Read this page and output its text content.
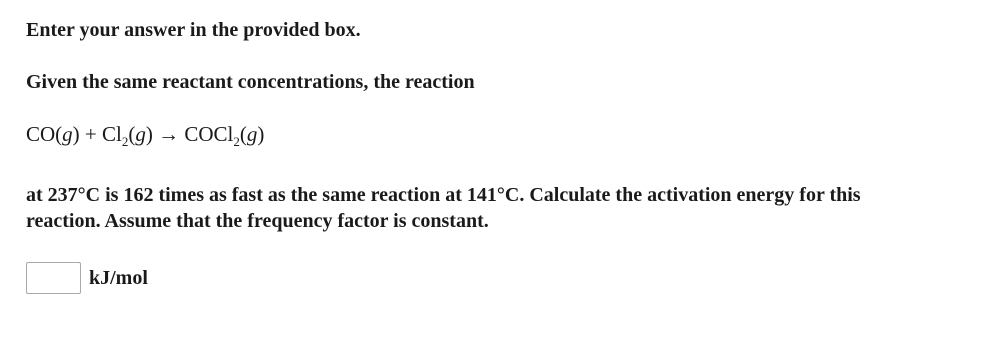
Enter your answer in the provided box.
Given the same reactant concentrations, the reaction
$CO(g) + Cl_2(g)$ → COCl$_2$(g)
at 237°C is 162 times as fast as the same reaction at 141°C. Calculate the activation energy for this
reaction. Assume that the frequency factor is constant.
kJ/mol
